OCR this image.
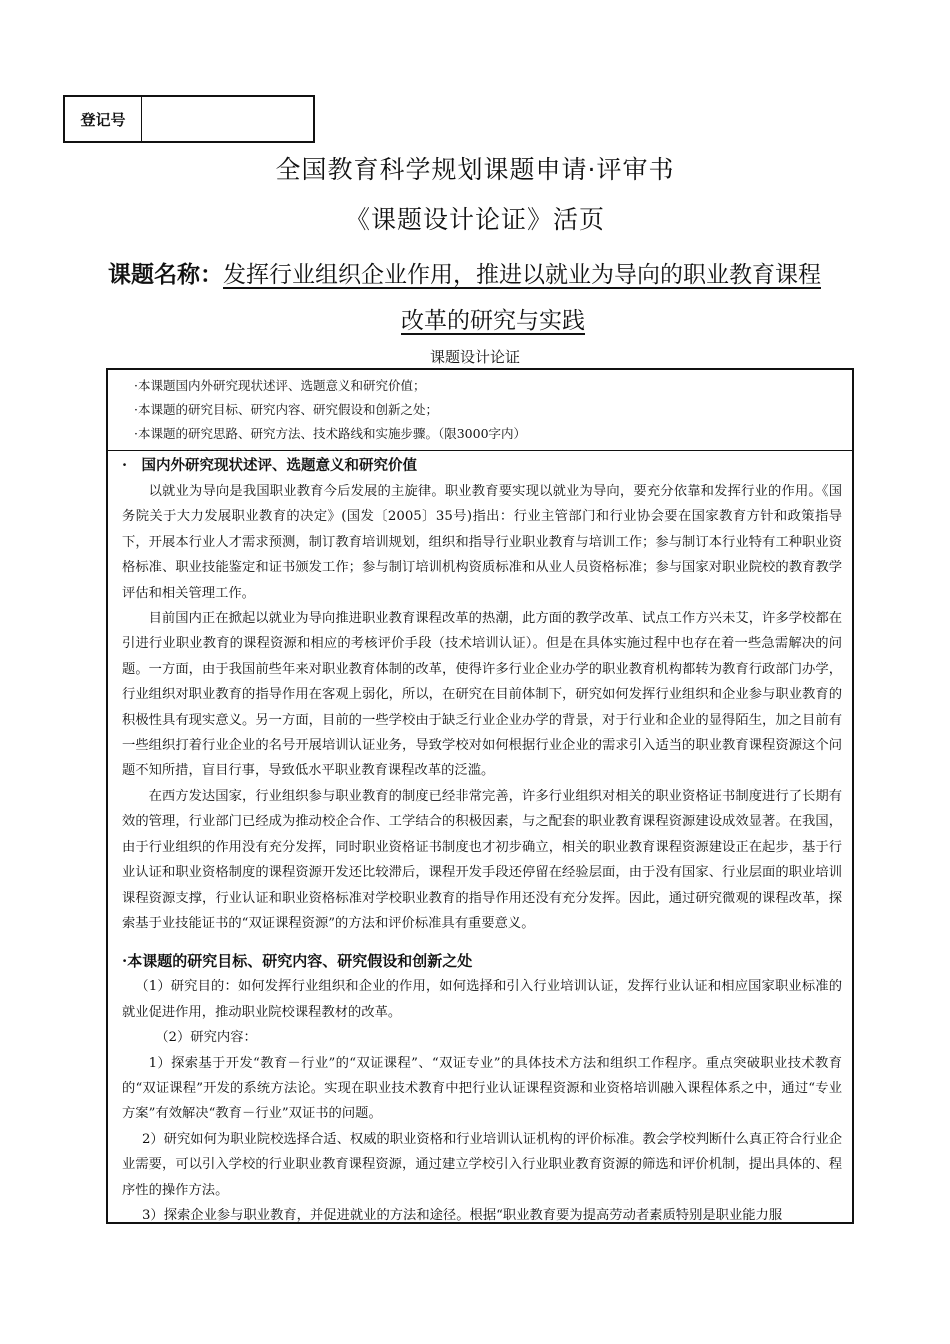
登记号
全国教育科学规划课题申请·评审书
《课题设计论证》活页
课题名称：发挥行业组织企业作用，推进以就业为导向的职业教育课程
改革的研究与实践
课题设计论证
·本课题国内外研究现状述评、选题意义和研究价值；
·本课题的研究目标、研究内容、研究假设和创新之处；
·本课题的研究思路、研究方法、技术路线和实施步骤。（限3000字内）
·　国内外研究现状述评、选题意义和研究价值

以就业为导向是我国职业教育今后发展的主旋律。职业教育要实现以就业为导向，要充分依靠和发挥行业的作用。《国务院关于大力发展职业教育的决定》(国发〔2005〕35号)指出：行业主管部门和行业协会要在国家教育方针和政策指导下，开展本行业人才需求预测，制订教育培训规划，组织和指导行业职业教育与培训工作；参与制订本行业特有工种职业资格标准、职业技能鉴定和证书颁发工作；参与制订培训机构资质标准和从业人员资格标准；参与国家对职业院校的教育教学评估和相关管理工作。

目前国内正在掀起以就业为导向推进职业教育课程改革的热潮，此方面的教学改革、试点工作方兴未艾，许多学校都在引进行业职业教育的课程资源和相应的考核评价手段（技术培训认证）。但是在具体实施过程中也存在着一些急需解决的问题。一方面，由于我国前些年来对职业教育体制的改革，使得许多行业企业办学的职业教育机构都转为教育行政部门办学，行业组织对职业教育的指导作用在客观上弱化，所以，在研究在目前体制下，研究如何发挥行业组织和企业参与职业教育的积极性具有现实意义。另一方面，目前的一些学校由于缺乏行业企业办学的背景，对于行业和企业的显得陌生，加之目前有一些组织打着行业企业的名号开展培训认证业务，导致学校对如何根据行业企业的需求引入适当的职业教育课程资源这个问题不知所措，盲目行事，导致低水平职业教育课程改革的泛滥。

在西方发达国家，行业组织参与职业教育的制度已经非常完善，许多行业组织对相关的职业资格证书制度进行了长期有效的管理，行业部门已经成为推动校企合作、工学结合的积极因素，与之配套的职业教育课程资源建设成效显著。在我国，由于行业组织的作用没有充分发挥，同时职业资格证书制度也才初步确立，相关的职业教育课程资源建设正在起步，基于行业认证和职业资格制度的课程资源开发还比较滞后，课程开发手段还停留在经验层面，由于没有国家、行业层面的职业培训课程资源支撑，行业认证和职业资格标准对学校职业教育的指导作用还没有充分发挥。因此，通过研究微观的课程改革，探索基于业技能证书的“双证课程资源”的方法和评价标准具有重要意义。

·本课题的研究目标、研究内容、研究假设和创新之处

（1）研究目的：如何发挥行业组织和企业的作用，如何选择和引入行业培训认证，发挥行业认证和相应国家职业标准的就业促进作用，推动职业院校课程教材的改革。

（2）研究内容：

1）探索基于开发“教育－行业”的“双证课程”、“双证专业”的具体技术方法和组织工作程序。重点突破职业技术教育的“双证课程”开发的系统方法论。实现在职业技术教育中把行业认证课程资源和业资格培训融入课程体系之中，通过“专业方案”有效解决“教育－行业”双证书的问题。

2）研究如何为职业院校选择合适、权威的职业资格和行业培训认证机构的评价标准。教会学校判断什么真正符合行业企业需要，可以引入学校的行业职业教育课程资源，通过建立学校引入行业职业教育资源的筛选和评价机制，提出具体的、程序性的操作方法。

3）探索企业参与职业教育，并促进就业的方法和途径。根据“职业教育要为提高劳动者素质特别是职业能力服
